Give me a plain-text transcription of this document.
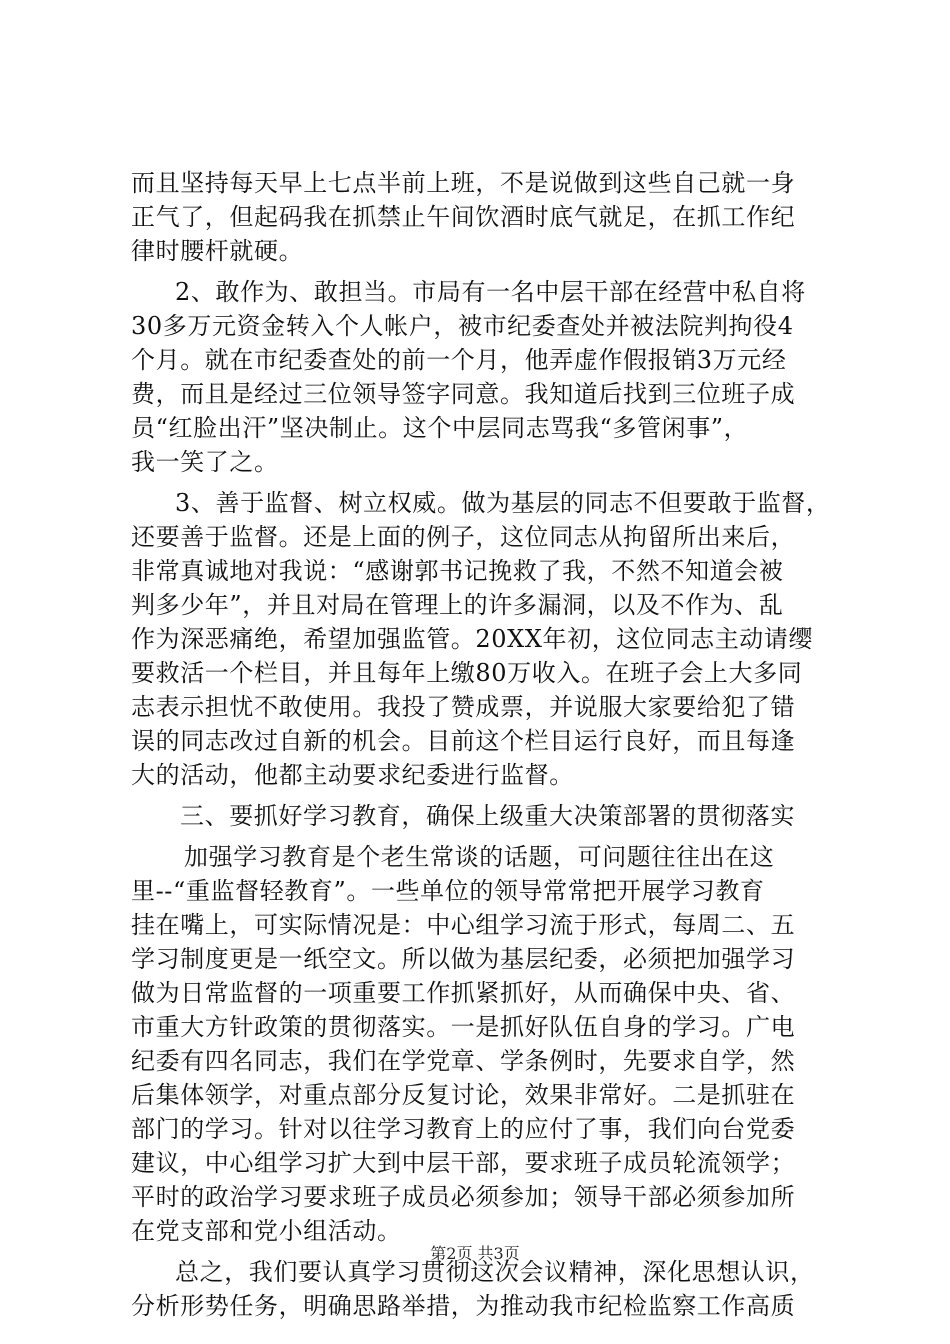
而且坚持每天早上七点半前上班，不是说做到这些自己就一身
正气了，但起码我在抓禁止午间饮酒时底气就足，在抓工作纪
律时腰杆就硬。
2、敢作为、敢担当。市局有一名中层干部在经营中私自将
30多万元资金转入个人帐户，被市纪委查处并被法院判拘役4
个月。就在市纪委查处的前一个月，他弄虚作假报销3万元经
费，而且是经过三位领导签字同意。我知道后找到三位班子成
员“红脸出汗”坚决制止。这个中层同志骂我“多管闲事”，
我一笑了之。
3、善于监督、树立权威。做为基层的同志不但要敢于监督，
还要善于监督。还是上面的例子，这位同志从拘留所出来后，
非常真诚地对我说：“感谢郭书记挽救了我，不然不知道会被
判多少年”，并且对局在管理上的许多漏洞，以及不作为、乱
作为深恶痛绝，希望加强监管。20XX年初，这位同志主动请缨
要救活一个栏目，并且每年上缴80万收入。在班子会上大多同
志表示担忧不敢使用。我投了赞成票，并说服大家要给犯了错
误的同志改过自新的机会。目前这个栏目运行良好，而且每逢
大的活动，他都主动要求纪委进行监督。
三、要抓好学习教育，确保上级重大决策部署的贯彻落实
加强学习教育是个老生常谈的话题，可问题往往出在这
里--“重监督轻教育”。一些单位的领导常常把开展学习教育
挂在嘴上，可实际情况是：中心组学习流于形式，每周二、五
学习制度更是一纸空文。所以做为基层纪委，必须把加强学习
做为日常监督的一项重要工作抓紧抓好，从而确保中央、省、
市重大方针政策的贯彻落实。一是抓好队伍自身的学习。广电
纪委有四名同志，我们在学党章、学条例时，先要求自学，然
后集体领学，对重点部分反复讨论，效果非常好。二是抓驻在
部门的学习。针对以往学习教育上的应付了事，我们向台党委
建议，中心组学习扩大到中层干部，要求班子成员轮流领学；
平时的政治学习要求班子成员必须参加；领导干部必须参加所
在党支部和党小组活动。
总之，我们要认真学习贯彻这次会议精神，深化思想认识，
分析形势任务，明确思路举措，为推动我市纪检监察工作高质
第2页 共3页
